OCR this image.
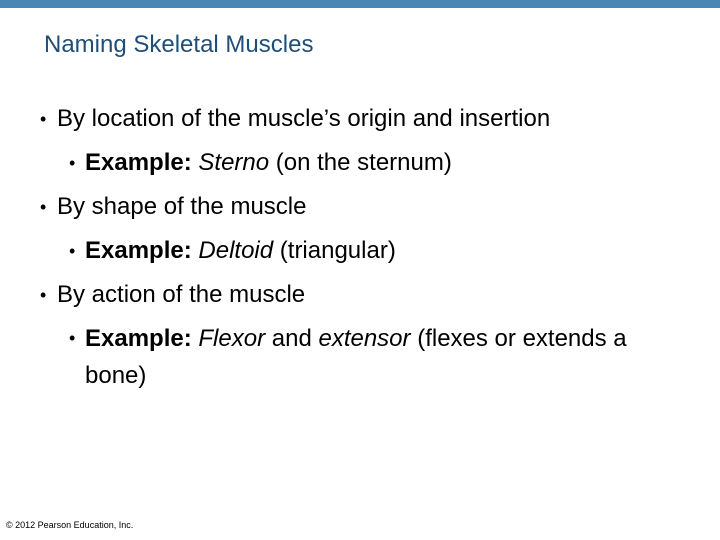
Naming Skeletal Muscles
• By location of the muscle’s origin and insertion
• Example: Sterno (on the sternum)
• By shape of the muscle
• Example: Deltoid (triangular)
• By action of the muscle
• Example: Flexor and extensor (flexes or extends a bone)
© 2012 Pearson Education, Inc.
